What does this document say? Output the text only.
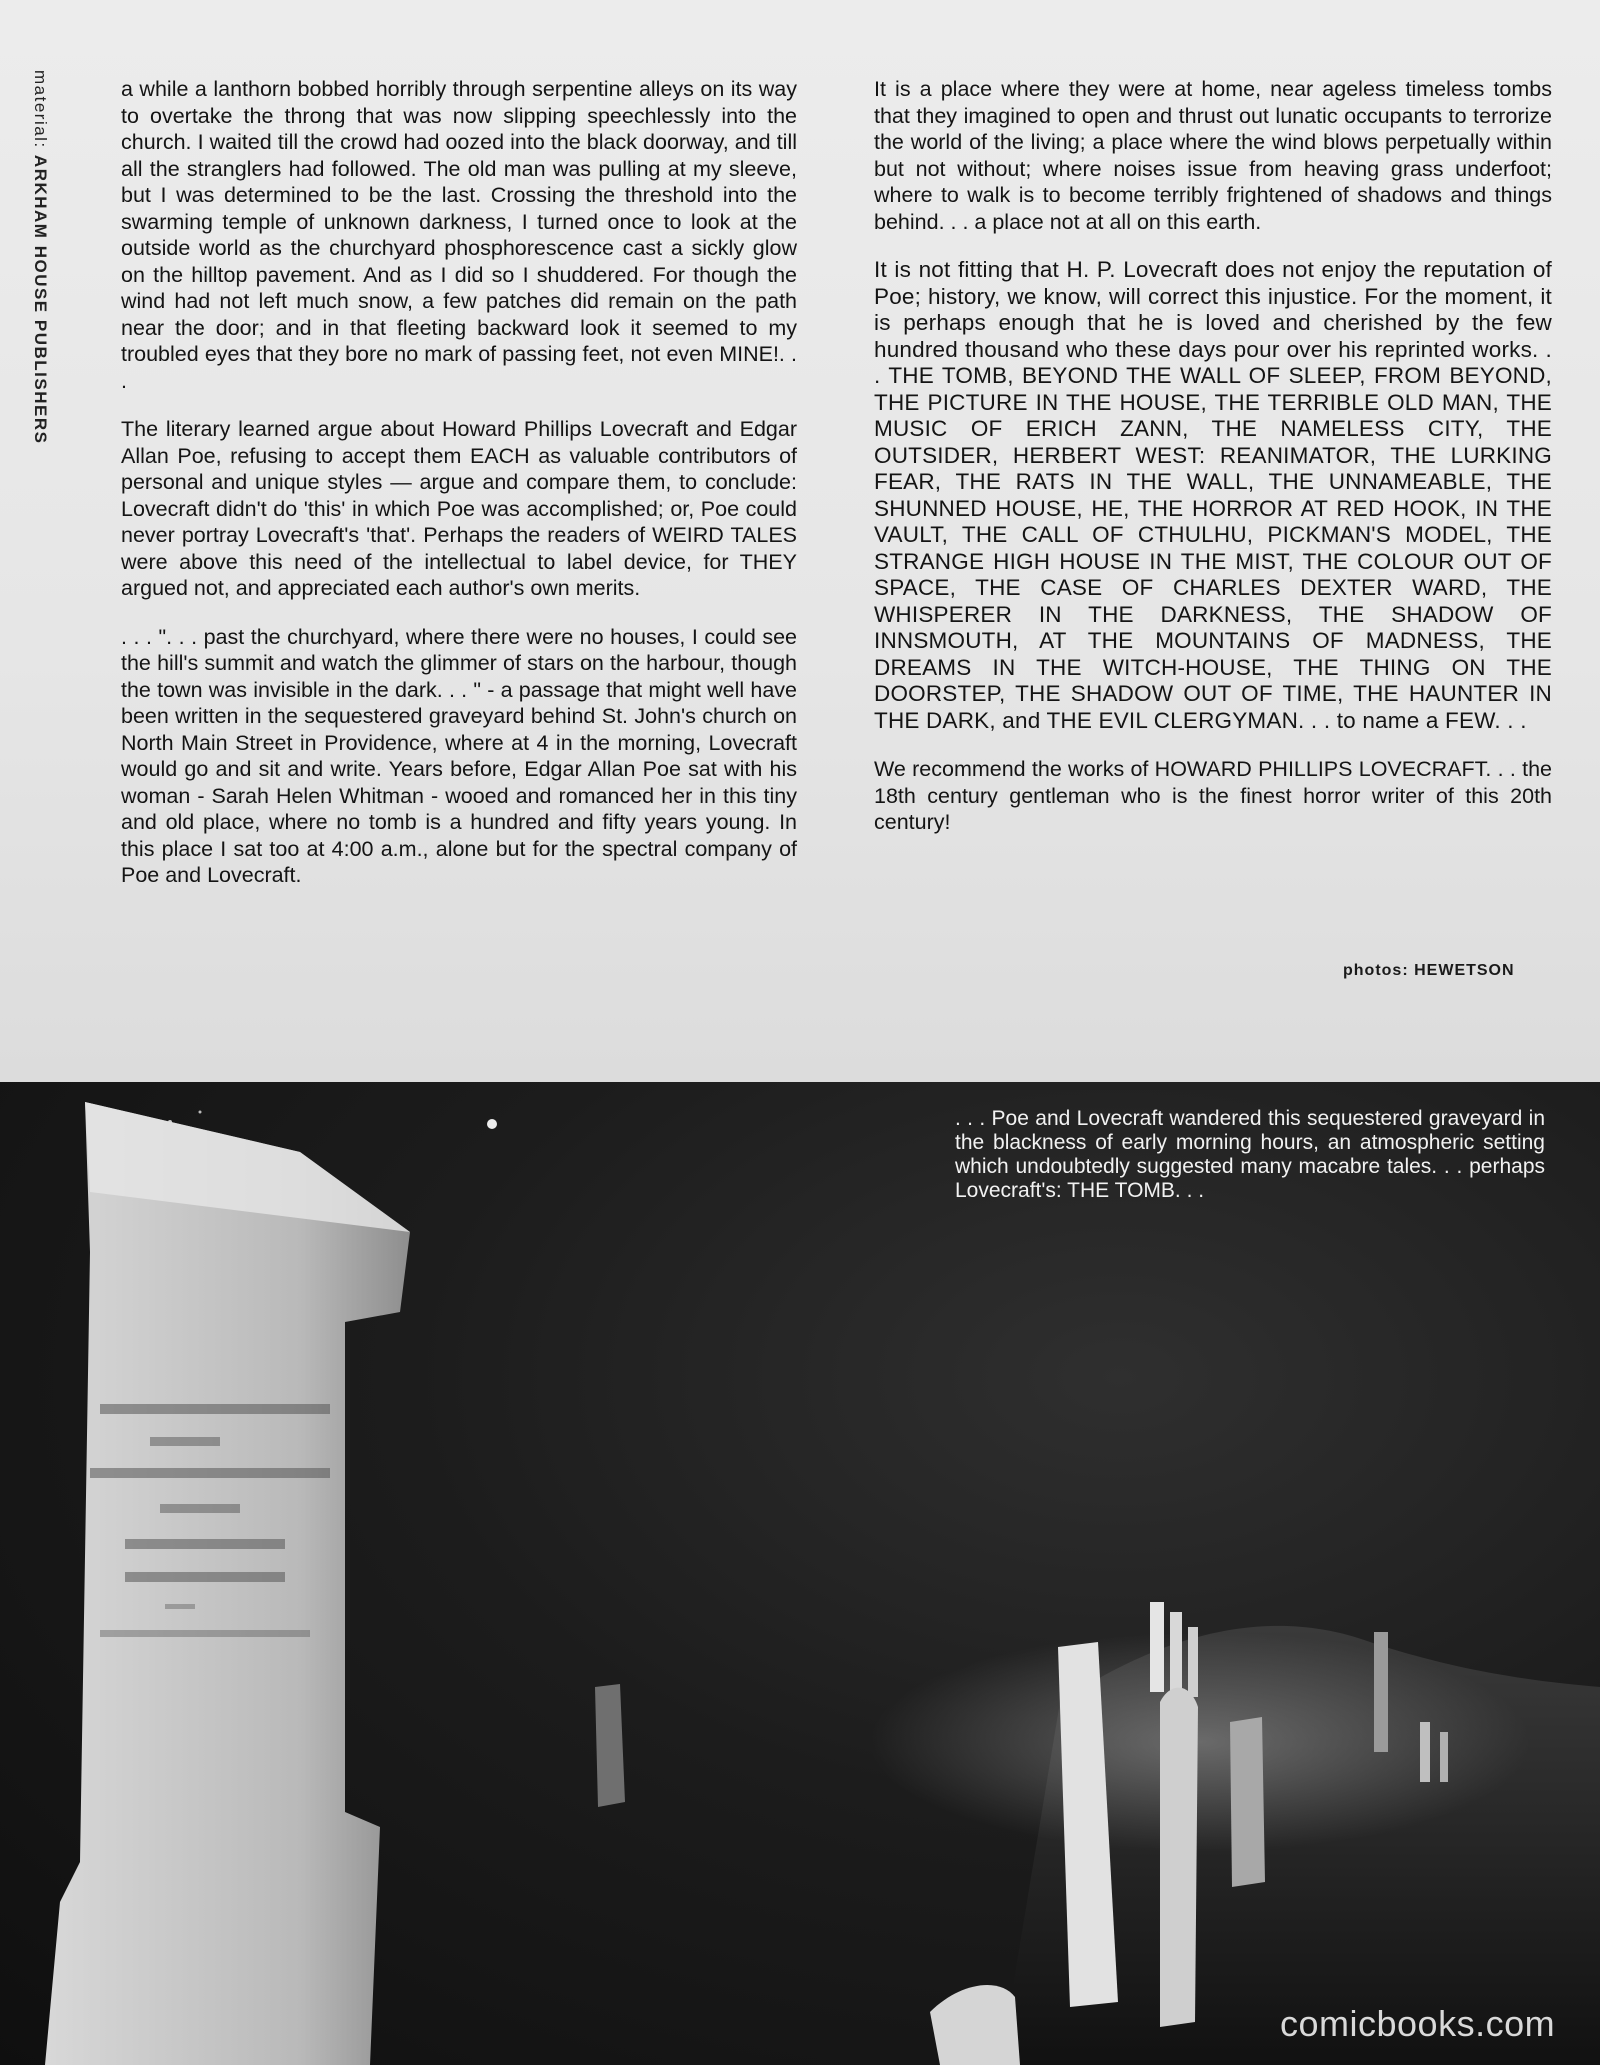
material: ARKHAM HOUSE PUBLISHERS

a while a lanthorn bobbed horribly through serpentine alleys on its way to overtake the throng that was now slipping speechlessly into the church. I waited till the crowd had oozed into the black doorway, and till all the stranglers had followed. The old man was pulling at my sleeve, but I was determined to be the last. Crossing the threshold into the swarming temple of unknown darkness, I turned once to look at the outside world as the churchyard phosphorescence cast a sickly glow on the hilltop pavement. And as I did so I shuddered. For though the wind had not left much snow, a few patches did remain on the path near the door; and in that fleeting backward look it seemed to my troubled eyes that they bore no mark of passing feet, not even MINE!. . .

The literary learned argue about Howard Phillips Lovecraft and Edgar Allan Poe, refusing to accept them EACH as valuable contributors of personal and unique styles — argue and compare them, to conclude: Lovecraft didn't do 'this' in which Poe was accomplished; or, Poe could never portray Lovecraft's 'that'. Perhaps the readers of WEIRD TALES were above this need of the intellectual to label device, for THEY argued not, and appreciated each author's own merits.

. . . ". . . past the churchyard, where there were no houses, I could see the hill's summit and watch the glimmer of stars on the harbour, though the town was invisible in the dark. . . " - a passage that might well have been written in the sequestered graveyard behind St. John's church on North Main Street in Providence, where at 4 in the morning, Lovecraft would go and sit and write. Years before, Edgar Allan Poe sat with his woman - Sarah Helen Whitman - wooed and romanced her in this tiny and old place, where no tomb is a hundred and fifty years young. In this place I sat too at 4:00 a.m., alone but for the spectral company of Poe and Lovecraft.

It is a place where they were at home, near ageless timeless tombs that they imagined to open and thrust out lunatic occupants to terrorize the world of the living; a place where the wind blows perpetually within but not without; where noises issue from heaving grass underfoot; where to walk is to become terribly frightened of shadows and things behind. . . a place not at all on this earth.

It is not fitting that H. P. Lovecraft does not enjoy the reputation of Poe; history, we know, will correct this injustice. For the moment, it is perhaps enough that he is loved and cherished by the few hundred thousand who these days pour over his reprinted works. . . THE TOMB, BEYOND THE WALL OF SLEEP, FROM BEYOND, THE PICTURE IN THE HOUSE, THE TERRIBLE OLD MAN, THE MUSIC OF ERICH ZANN, THE NAMELESS CITY, THE OUTSIDER, HERBERT WEST: REANIMATOR, THE LURKING FEAR, THE RATS IN THE WALL, THE UNNAMEABLE, THE SHUNNED HOUSE, HE, THE HORROR AT RED HOOK, IN THE VAULT, THE CALL OF CTHULHU, PICKMAN'S MODEL, THE STRANGE HIGH HOUSE IN THE MIST, THE COLOUR OUT OF SPACE, THE CASE OF CHARLES DEXTER WARD, THE WHISPERER IN THE DARKNESS, THE SHADOW OF INNSMOUTH, AT THE MOUNTAINS OF MADNESS, THE DREAMS IN THE WITCH-HOUSE, THE THING ON THE DOORSTEP, THE SHADOW OUT OF TIME, THE HAUNTER IN THE DARK, and THE EVIL CLERGYMAN. . . to name a FEW. . .

We recommend the works of HOWARD PHILLIPS LOVECRAFT. . . the 18th century gentleman who is the finest horror writer of this 20th century!

photos: HEWETSON
. . . Poe and Lovecraft wandered this sequestered graveyard in the blackness of early morning hours, an atmospheric setting which undoubtedly suggested many macabre tales. . . perhaps Lovecraft's: THE TOMB. . .
comicbooks.com
